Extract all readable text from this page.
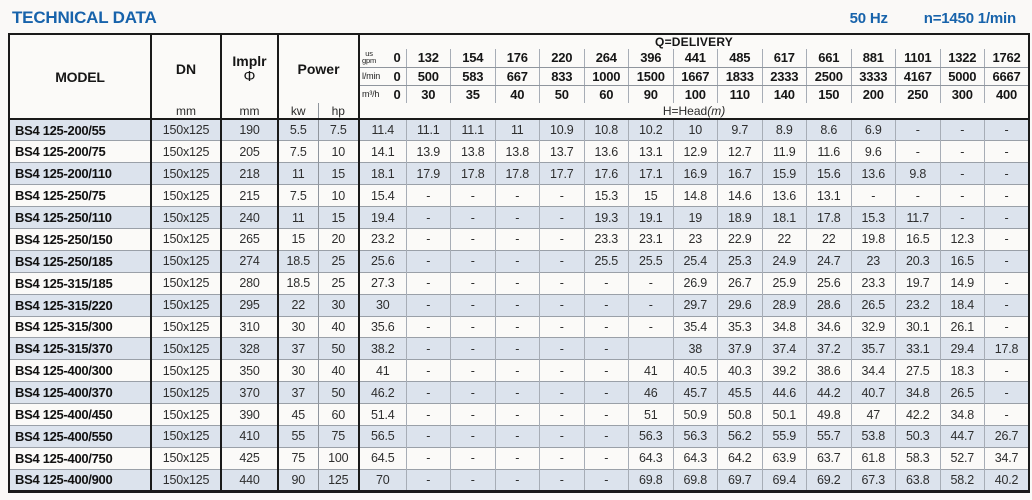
TECHNICAL DATA	50 Hz n=1450 1/min
MODEL	DN	Implr
Φ	Power		Q=DELIVERY														

					us
gpm 0	132	154	176	220	264	396	441	485	617	661	881	1101	1322	1762

					l/min 0	500	583	667	833	1000	1500	1667	1833	2333	2500	3333	4167	5000	6667

					m³/h 0	30	35	40	50	60	90	100	110	140	150	200	250	300	400
	mm	mm	kw	hp	H=Head(m)														
BS4 125-200/55	150x125	190	5.5	7.5	11.4	11.1	11.1	11	10.9	10.8	10.2	10	9.7	8.9	8.6	6.9	-	-	-
BS4 125-200/75	150x125	205	7.5	10	14.1	13.9	13.8	13.8	13.7	13.6	13.1	12.9	12.7	11.9	11.6	9.6	-	-	-
BS4 125-200/110	150x125	218	11	15	18.1	17.9	17.8	17.8	17.7	17.6	17.1	16.9	16.7	15.9	15.6	13.6	9.8	-	-
BS4 125-250/75	150x125	215	7.5	10	15.4	-	-	-	-	15.3	15	14.8	14.6	13.6	13.1	-	-	-	-
BS4 125-250/110	150x125	240	11	15	19.4	-	-	-	-	19.3	19.1	19	18.9	18.1	17.8	15.3	11.7	-	-
BS4 125-250/150	150x125	265	15	20	23.2	-	-	-	-	23.3	23.1	23	22.9	22	22	19.8	16.5	12.3	-
BS4 125-250/185	150x125	274	18.5	25	25.6	-	-	-	-	25.5	25.5	25.4	25.3	24.9	24.7	23	20.3	16.5	-
BS4 125-315/185	150x125	280	18.5	25	27.3	-	-	-	-	-	-	26.9	26.7	25.9	25.6	23.3	19.7	14.9	-
BS4 125-315/220	150x125	295	22	30	30	-	-	-	-	-	-	29.7	29.6	28.9	28.6	26.5	23.2	18.4	-
BS4 125-315/300	150x125	310	30	40	35.6	-	-	-	-	-	-	35.4	35.3	34.8	34.6	32.9	30.1	26.1	-
BS4 125-315/370	150x125	328	37	50	38.2	-	-	-	-	-		38	37.9	37.4	37.2	35.7	33.1	29.4	17.8
BS4 125-400/300	150x125	350	30	40	41	-	-	-	-	-	41	40.5	40.3	39.2	38.6	34.4	27.5	18.3	-
BS4 125-400/370	150x125	370	37	50	46.2	-	-	-	-	-	46	45.7	45.5	44.6	44.2	40.7	34.8	26.5	-
BS4 125-400/450	150x125	390	45	60	51.4	-	-	-	-	-	51	50.9	50.8	50.1	49.8	47	42.2	34.8	-
BS4 125-400/550	150x125	410	55	75	56.5	-	-	-	-	-	56.3	56.3	56.2	55.9	55.7	53.8	50.3	44.7	26.7
BS4 125-400/750	150x125	425	75	100	64.5	-	-	-	-	-	64.3	64.3	64.2	63.9	63.7	61.8	58.3	52.7	34.7
BS4 125-400/900	150x125	440	90	125	70	-	-	-	-	-	69.8	69.8	69.7	69.4	69.2	67.3	63.8	58.2	40.2
